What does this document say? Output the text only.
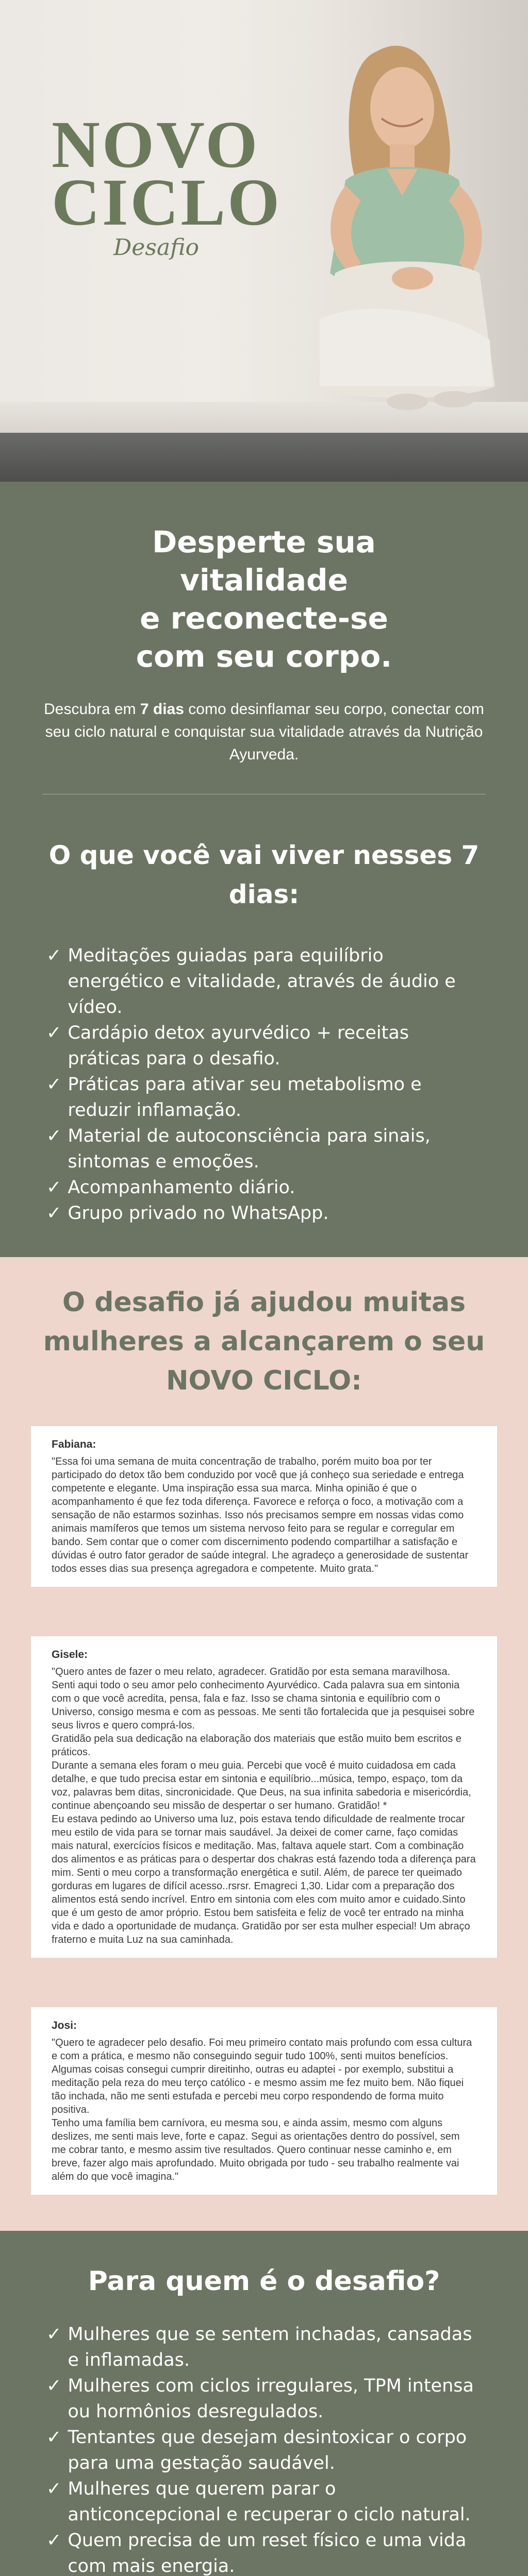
NOVO
CICLO
Desafio
Desperte sua
vitalidade
e reconecte-se
com seu corpo.

Descubra em 7 dias como desinflamar seu corpo, conectar com seu ciclo natural e conquistar sua vitalidade através da Nutrição Ayurveda.

O que você vai viver nesses 7 dias:
✓ Meditações guiadas para equilíbrio energético e vitalidade, através de áudio e vídeo.
✓ Cardápio detox ayurvédico + receitas práticas para o desafio.
✓ Práticas para ativar seu metabolismo e reduzir inflamação.
✓ Material de autoconsciência para sinais, sintomas e emoções.
✓ Acompanhamento diário.
✓ Grupo privado no WhatsApp.
O desafio já ajudou muitas mulheres a alcançarem o seu NOVO CICLO:
Fabiana:
"Essa foi uma semana de muita concentração de trabalho, porém muito boa por ter participado do detox tão bem conduzido por você que já conheço sua seriedade e entrega competente e elegante. Uma inspiração essa sua marca. Minha opinião é que o acompanhamento é que fez toda diferença. Favorece e reforça o foco, a motivação com a sensação de não estarmos sozinhas. Isso nós precisamos sempre em nossas vidas como animais mamíferos que temos um sistema nervoso feito para se regular e corregular em bando. Sem contar que o comer com discernimento podendo compartilhar a satisfação e dúvidas é outro fator gerador de saúde integral. Lhe agradeço a generosidade de sustentar todos esses dias sua presença agregadora e competente. Muito grata."
Gisele:
"Quero antes de fazer o meu relato, agradecer. Gratidão por esta semana maravilhosa. Senti aqui todo o seu amor pelo conhecimento Ayurvédico. Cada palavra sua em sintonia com o que você acredita, pensa, fala e faz. Isso se chama sintonia e equilíbrio com o Universo, consigo mesma e com as pessoas. Me senti tão fortalecida que ja pesquisei sobre seus livros e quero comprá-los.
Gratidão pela sua dedicação na elaboração dos materiais que estão muito bem escritos e práticos.
Durante a semana eles foram o meu guia. Percebi que você é muito cuidadosa em cada detalhe, e que tudo precisa estar em sintonia e equilíbrio...música, tempo, espaço, tom da voz, palavras bem ditas, sincronicidade. Que Deus, na sua infinita sabedoria e misericórdia, continue abençoando seu missão de despertar o ser humano. Gratidão! *
Eu estava pedindo ao Universo uma luz, pois estava tendo dificuldade de realmente trocar meu estilo de vida para se tornar mais saudável. Ja deixei de comer carne, faço comidas mais natural, exercícios físicos e meditação. Mas, faltava aquele start. Com a combinação dos alimentos e as práticas para o despertar dos chakras está fazendo toda a diferença para mim. Senti o meu corpo a transformação energética e sutil. Além, de parece ter queimado gorduras em lugares de difícil acesso..rsrsr. Emagreci 1,30. Lidar com a preparação dos alimentos está sendo incrível. Entro em sintonia com eles com muito amor e cuidado.Sinto que é um gesto de amor próprio. Estou bem satisfeita e feliz de você ter entrado na minha vida e dado a oportunidade de mudança. Gratidão por ser esta mulher especial! Um abraço fraterno e muita Luz na sua caminhada.
Josi:
"Quero te agradecer pelo desafio. Foi meu primeiro contato mais profundo com essa cultura e com a prática, e mesmo não conseguindo seguir tudo 100%, senti muitos benefícios.
Algumas coisas consegui cumprir direitinho, outras eu adaptei - por exemplo, substitui a meditação pela reza do meu terço católico - e mesmo assim me fez muito bem. Não fiquei tão inchada, não me senti estufada e percebi meu corpo respondendo de forma muito positiva.
Tenho uma família bem carnívora, eu mesma sou, e ainda assim, mesmo com alguns deslizes, me senti mais leve, forte e capaz. Segui as orientações dentro do possível, sem me cobrar tanto, e mesmo assim tive resultados. Quero continuar nesse caminho e, em breve, fazer algo mais aprofundado. Muito obrigada por tudo - seu trabalho realmente vai além do que você imagina."
Para quem é o desafio?
✓ Mulheres que se sentem inchadas, cansadas e inflamadas.
✓ Mulheres com ciclos irregulares, TPM intensa ou hormônios desregulados.
✓ Tentantes que desejam desintoxicar o corpo para uma gestação saudável.
✓ Mulheres que querem parar o anticoncepcional e recuperar o ciclo natural.
✓ Quem precisa de um reset físico e uma vida com mais energia.
